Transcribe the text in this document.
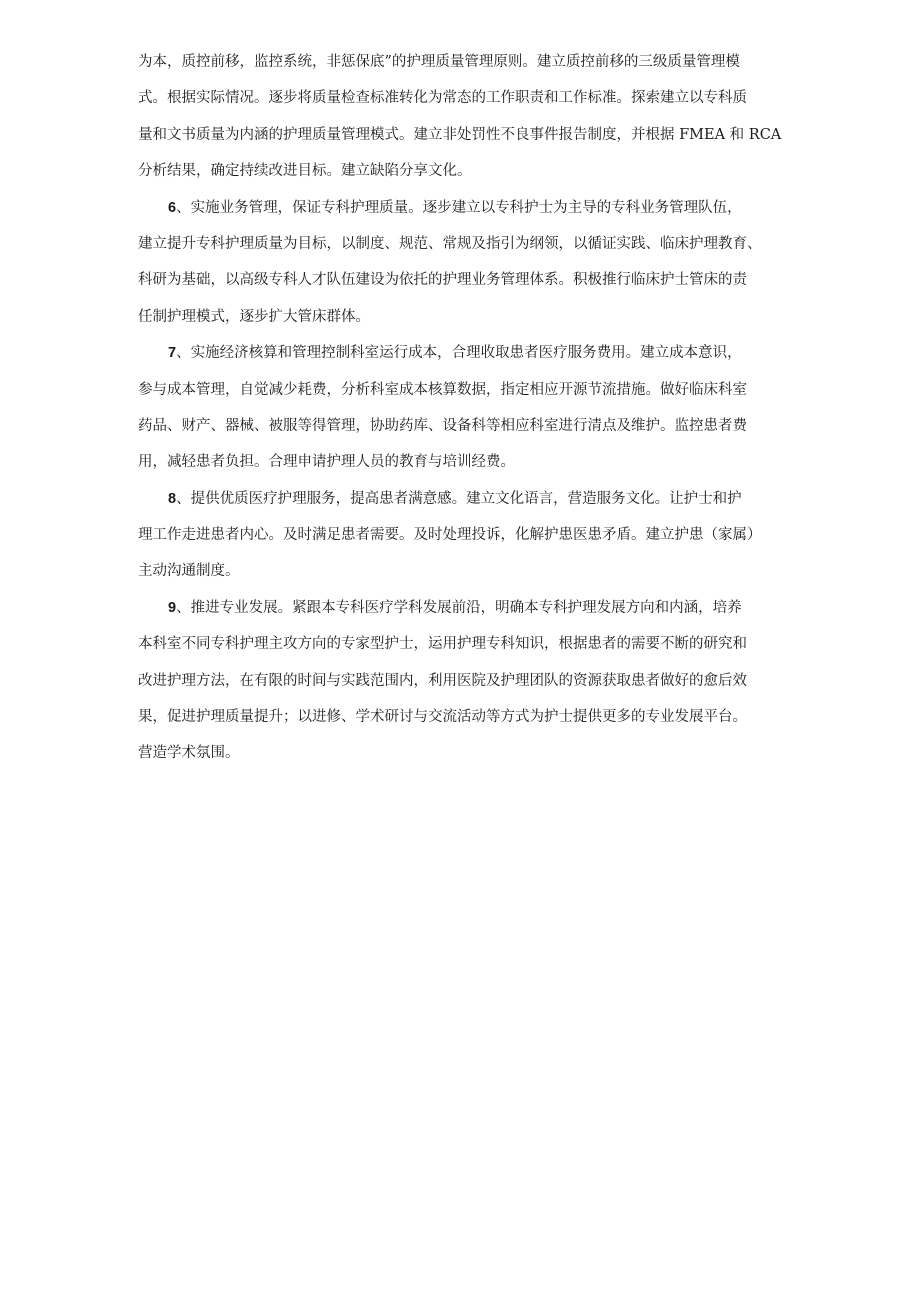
为本，质控前移，监控系统，非惩保底”的护理质量管理原则。建立质控前移的三级质量管理模
式。根据实际情况。逐步将质量检查标准转化为常态的工作职责和工作标准。探索建立以专科质
量和文书质量为内涵的护理质量管理模式。建立非处罚性不良事件报告制度，并根据 FMEA 和 RCA
分析结果，确定持续改进目标。建立缺陷分享文化。
6、实施业务管理，保证专科护理质量。逐步建立以专科护士为主导的专科业务管理队伍，
建立提升专科护理质量为目标，以制度、规范、常规及指引为纲领，以循证实践、临床护理教育、
科研为基础，以高级专科人才队伍建设为依托的护理业务管理体系。积极推行临床护士管床的责
任制护理模式，逐步扩大管床群体。
7、实施经济核算和管理控制科室运行成本，合理收取患者医疗服务费用。建立成本意识，
参与成本管理，自觉减少耗费，分析科室成本核算数据，指定相应开源节流措施。做好临床科室
药品、财产、器械、被服等得管理，协助药库、设备科等相应科室进行清点及维护。监控患者费
用，减轻患者负担。合理申请护理人员的教育与培训经费。
8、提供优质医疗护理服务，提高患者满意感。建立文化语言，营造服务文化。让护士和护
理工作走进患者内心。及时满足患者需要。及时处理投诉，化解护患医患矛盾。建立护患（家属）
主动沟通制度。
9、推进专业发展。紧跟本专科医疗学科发展前沿，明确本专科护理发展方向和内涵，培养
本科室不同专科护理主攻方向的专家型护士，运用护理专科知识，根据患者的需要不断的研究和
改进护理方法，在有限的时间与实践范围内，利用医院及护理团队的资源获取患者做好的愈后效
果，促进护理质量提升；以进修、学术研讨与交流活动等方式为护士提供更多的专业发展平台。
营造学术氛围。
